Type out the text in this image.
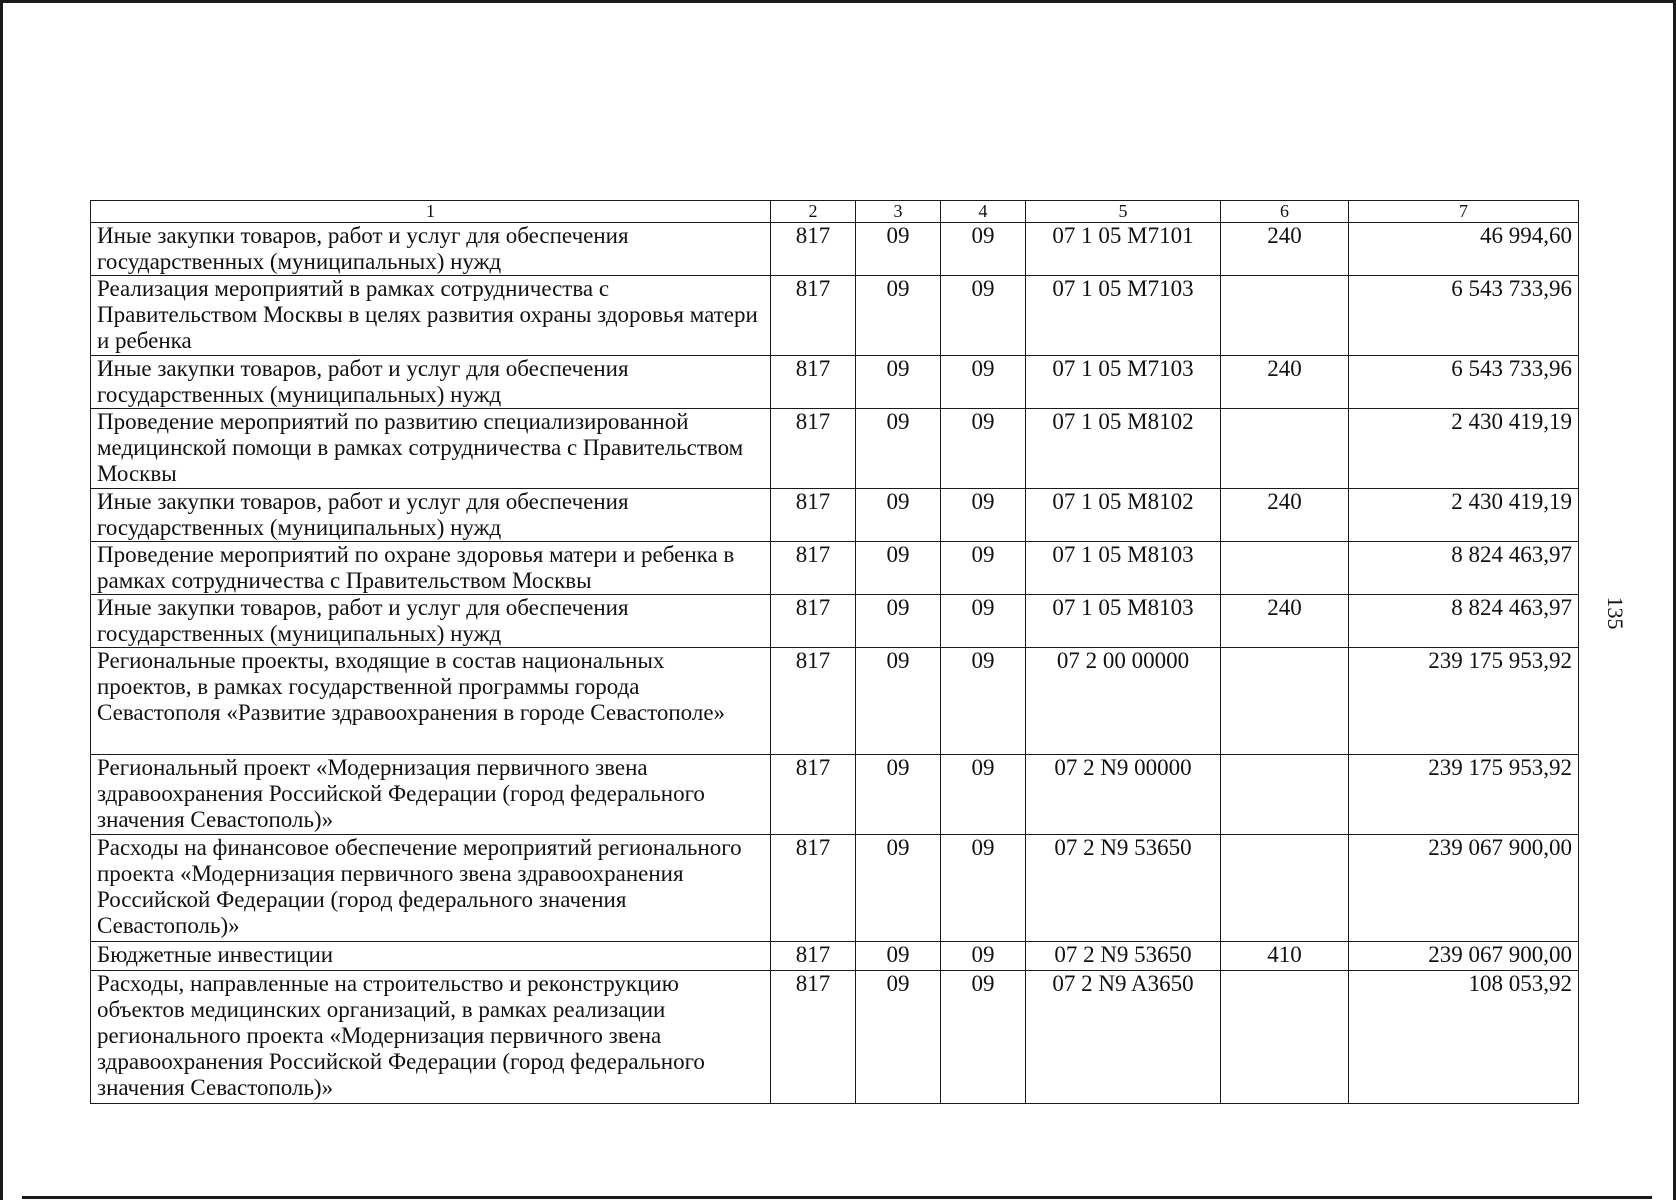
1	2	3	4	5	6	7
Иные закупки товаров, работ и услуг для обеспечения государственных (муниципальных) нужд	817	09	09	07 1 05 M7101	240	46 994,60
Реализация мероприятий в рамках сотрудничества с Правительством Москвы в целях развития охраны здоровья матери и ребенка	817	09	09	07 1 05 M7103		6 543 733,96
Иные закупки товаров, работ и услуг для обеспечения государственных (муниципальных) нужд	817	09	09	07 1 05 M7103	240	6 543 733,96
Проведение мероприятий по развитию специализированной медицинской помощи в рамках сотрудничества с Правительством Москвы	817	09	09	07 1 05 M8102		2 430 419,19
Иные закупки товаров, работ и услуг для обеспечения государственных (муниципальных) нужд	817	09	09	07 1 05 M8102	240	2 430 419,19
Проведение мероприятий по охране здоровья матери и ребенка в рамках сотрудничества с Правительством Москвы	817	09	09	07 1 05 M8103		8 824 463,97
Иные закупки товаров, работ и услуг для обеспечения государственных (муниципальных) нужд	817	09	09	07 1 05 M8103	240	8 824 463,97
Региональные проекты, входящие в состав национальных проектов, в рамках государственной программы города Севастополя «Развитие здравоохранения в городе Севастополе»	817	09	09	07 2 00 00000		239 175 953,92
Региональный проект «Модернизация первичного звена здравоохранения Российской Федерации (город федерального значения Севастополь)»	817	09	09	07 2 N9 00000		239 175 953,92
Расходы на финансовое обеспечение мероприятий регионального проекта «Модернизация первичного звена здравоохранения Российской Федерации (город федерального значения Севастополь)»	817	09	09	07 2 N9 53650		239 067 900,00
Бюджетные инвестиции	817	09	09	07 2 N9 53650	410	239 067 900,00
Расходы, направленные на строительство и реконструкцию объектов медицинских организаций, в рамках реализации регионального проекта «Модернизация первичного звена здравоохранения Российской Федерации (город федерального значения Севастополь)»	817	09	09	07 2 N9 A3650		108 053,92
135
